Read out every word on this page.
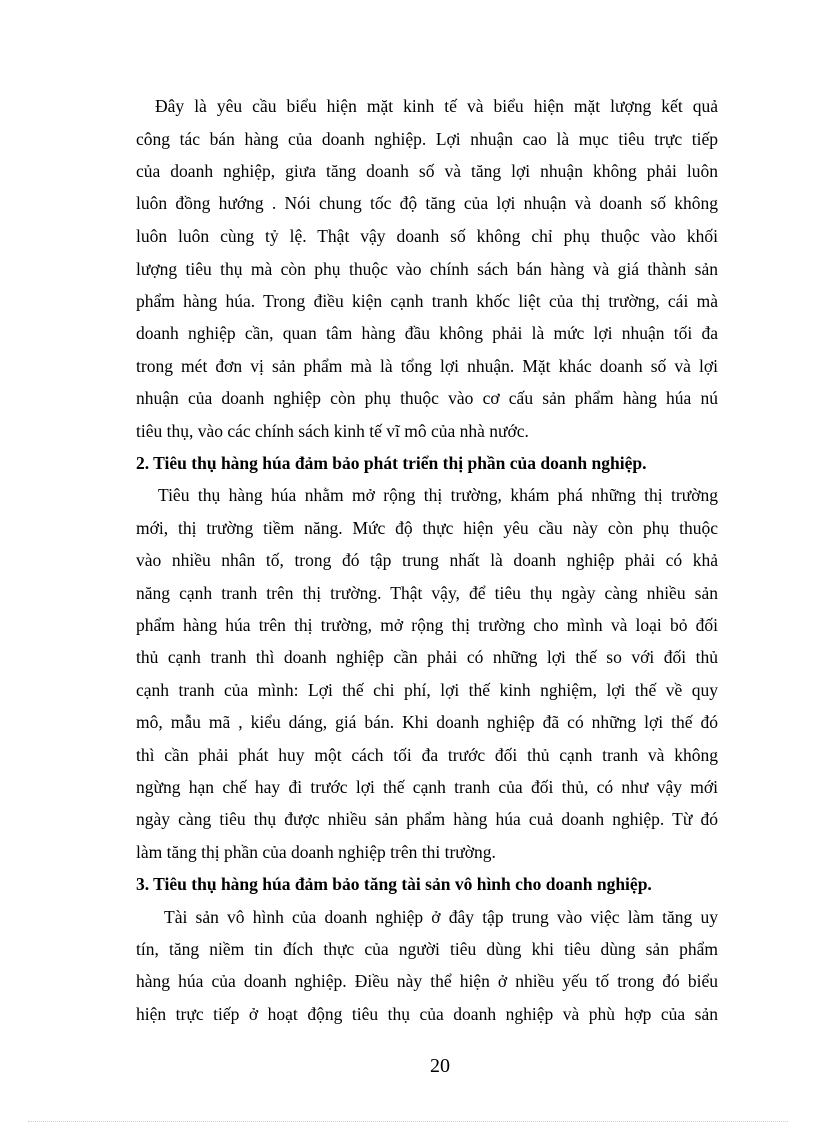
Đây là yêu cầu biểu hiện mặt kinh tế và biểu hiện mặt lượng kết quả
công tác bán hàng của doanh nghiệp. Lợi nhuận cao là mục tiêu trực tiếp
của doanh nghiệp, giưa tăng doanh số và tăng lợi nhuận không phải luôn
luôn đồng hướng . Nói chung tốc độ tăng của lợi nhuận và doanh số không
luôn luôn cùng tỷ lệ. Thật vậy doanh số không chỉ phụ thuộc vào khối
lượng tiêu thụ mà còn phụ thuộc vào chính sách bán hàng và giá thành sản
phẩm hàng húa. Trong điều kiện cạnh tranh khốc liệt của thị trường, cái mà
doanh nghiệp cần, quan tâm hàng đầu không phải là mức lợi nhuận tối đa
trong mét đơn vị sản phẩm mà là tổng lợi nhuận. Mặt khác doanh số và lợi
nhuận của doanh nghiệp còn phụ thuộc vào cơ cấu sản phẩm hàng húa nú
tiêu thụ, vào các chính sách kinh tế vĩ mô của nhà nước.
2. Tiêu thụ hàng húa đảm bảo phát triển thị phần của doanh nghiệp.
Tiêu thụ hàng húa nhằm mở rộng thị trường, khám phá những thị trường
mới, thị trường tiềm năng. Mức độ thực hiện yêu cầu này còn phụ thuộc
vào nhiều nhân tố, trong đó tập trung nhất là doanh nghiệp phải có khả
năng cạnh tranh trên thị trường. Thật vậy, để tiêu thụ ngày càng nhiều sản
phẩm hàng húa trên thị trường, mở rộng thị trường cho mình và loại bỏ đối
thủ cạnh tranh thì doanh nghiệp cần phải có những lợi thế so với đối thủ
cạnh tranh của mình: Lợi thế chi phí, lợi thế kinh nghiệm, lợi thế về quy
mô, mẫu mã , kiểu dáng, giá bán. Khi doanh nghiệp đã có những lợi thế đó
thì cần phải phát huy một cách tối đa trước đối thủ cạnh tranh và không
ngừng hạn chế hay đi trước lợi thế cạnh tranh của đối thủ, có như vậy mới
ngày càng tiêu thụ được nhiều sản phẩm hàng húa cuả doanh nghiệp. Từ đó
làm tăng thị phần của doanh nghiệp trên thi trường.
3. Tiêu thụ hàng húa đảm bảo tăng tài sản vô hình cho doanh nghiệp.
Tài sản vô hình của doanh nghiệp ở đây tập trung vào việc làm tăng uy
tín, tăng niềm tin đích thực của người tiêu dùng khi tiêu dùng sản phẩm
hàng húa của doanh nghiệp. Điều này thể hiện ở nhiều yếu tố trong đó biểu
hiện trực tiếp ở hoạt động tiêu thụ của doanh nghiệp và phù hợp của sản
20
